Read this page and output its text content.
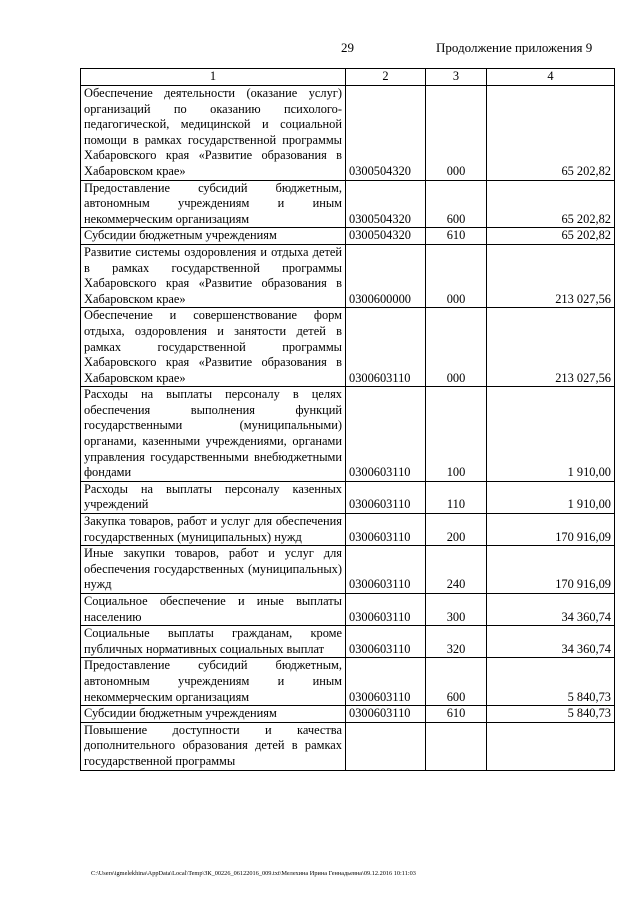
29	Продолжение приложения 9
1	2	3	4
Обеспечение деятельности (оказание услуг) организаций по оказанию психолого-педагогической, медицинской и социальной помощи в рамках государственной программы Хабаровского края «Развитие образования в Хабаровском крае»	0300504320	000	65 202,82
Предоставление субсидий бюджетным, автономным учреждениям и иным некоммерческим организациям	0300504320	600	65 202,82
Субсидии бюджетным учреждениям	0300504320	610	65 202,82
Развитие системы оздоровления и отдыха детей в рамках государственной программы Хабаровского края «Развитие образования в Хабаровском крае»	0300600000	000	213 027,56
Обеспечение и совершенствование форм отдыха, оздоровления и занятости детей в рамках государственной программы Хабаровского края «Развитие образования в Хабаровском крае»	0300603110	000	213 027,56
Расходы на выплаты персоналу в целях обеспечения выполнения функций государственными (муниципальными) органами, казенными учреждениями, органами управления государственными внебюджетными фондами	0300603110	100	1 910,00
Расходы на выплаты персоналу казенных учреждений	0300603110	110	1 910,00
Закупка товаров, работ и услуг для обеспечения государственных (муниципальных) нужд	0300603110	200	170 916,09
Иные закупки товаров, работ и услуг для обеспечения государственных (муниципальных) нужд	0300603110	240	170 916,09
Социальное обеспечение и иные выплаты населению	0300603110	300	34 360,74
Социальные выплаты гражданам, кроме публичных нормативных социальных выплат	0300603110	320	34 360,74
Предоставление субсидий бюджетным, автономным учреждениям и иным некоммерческим организациям	0300603110	600	5 840,73
Субсидии бюджетным учреждениям	0300603110	610	5 840,73
Повышение доступности и качества дополнительного образования детей в рамках государственной программы			
C:\Users\igmelekhina\AppData\Local\Temp\ЗК_00226_06122016_009.txt\Мелехина Ирина Геннадьевна\09.12.2016 10:11:03
